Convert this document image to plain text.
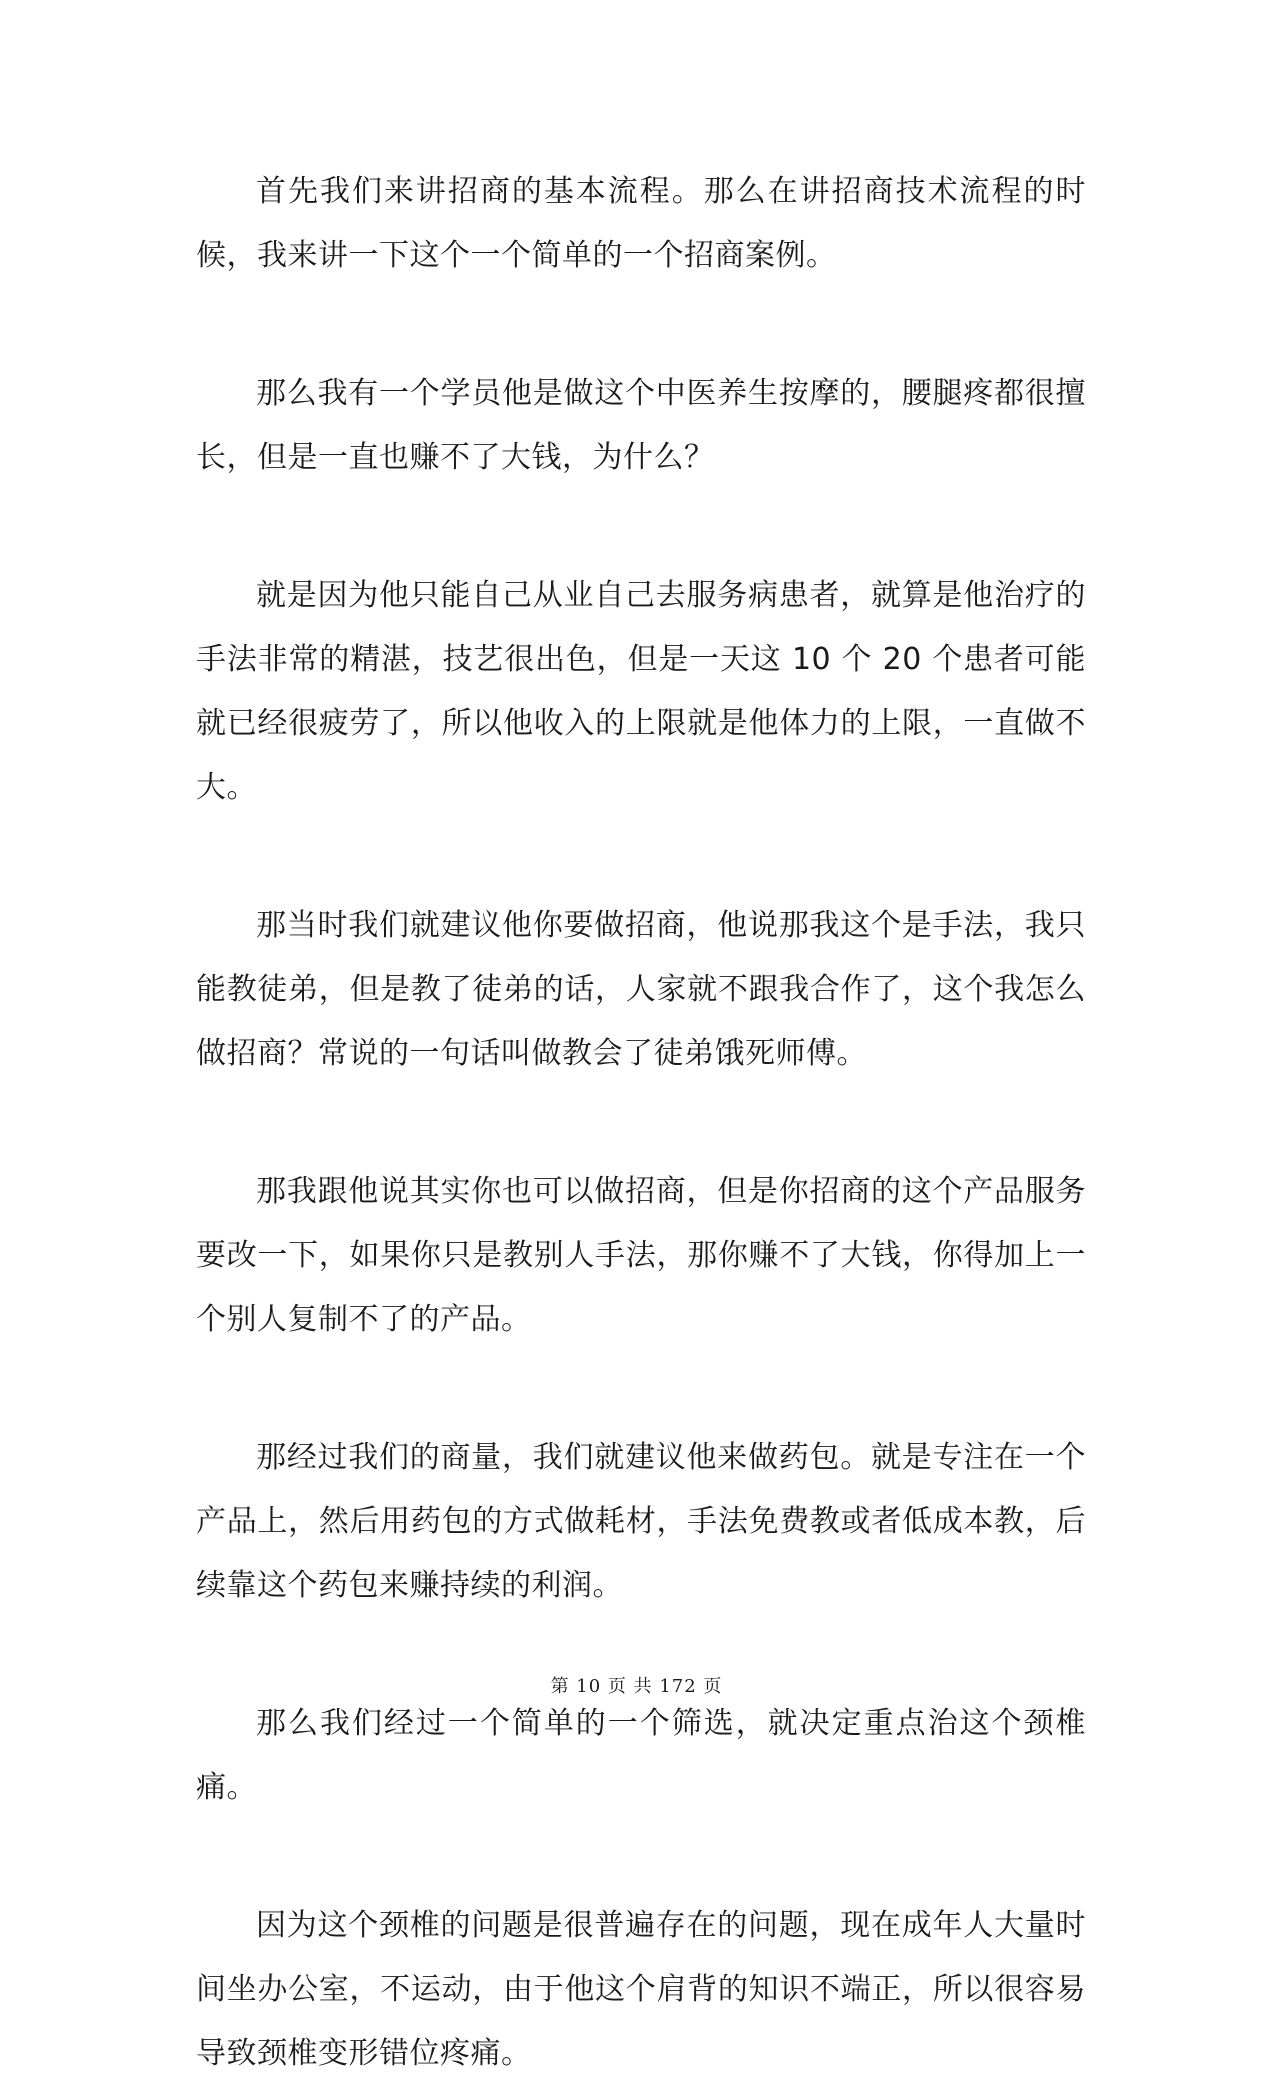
首先我们来讲招商的基本流程。那么在讲招商技术流程的时候，我来讲一下这个一个简单的一个招商案例。

那么我有一个学员他是做这个中医养生按摩的，腰腿疼都很擅长，但是一直也赚不了大钱，为什么？

就是因为他只能自己从业自己去服务病患者，就算是他治疗的手法非常的精湛，技艺很出色，但是一天这 10 个 20 个患者可能就已经很疲劳了，所以他收入的上限就是他体力的上限，一直做不大。

那当时我们就建议他你要做招商，他说那我这个是手法，我只能教徒弟，但是教了徒弟的话，人家就不跟我合作了，这个我怎么做招商？常说的一句话叫做教会了徒弟饿死师傅。

那我跟他说其实你也可以做招商，但是你招商的这个产品服务要改一下，如果你只是教别人手法，那你赚不了大钱，你得加上一个别人复制不了的产品。

那经过我们的商量，我们就建议他来做药包。就是专注在一个产品上，然后用药包的方式做耗材，手法免费教或者低成本教，后续靠这个药包来赚持续的利润。

那么我们经过一个简单的一个筛选，就决定重点治这个颈椎痛。

因为这个颈椎的问题是很普遍存在的问题，现在成年人大量时间坐办公室，不运动，由于他这个肩背的知识不端正，所以很容易导致颈椎变形错位疼痛。

第 10 页 共 172 页
